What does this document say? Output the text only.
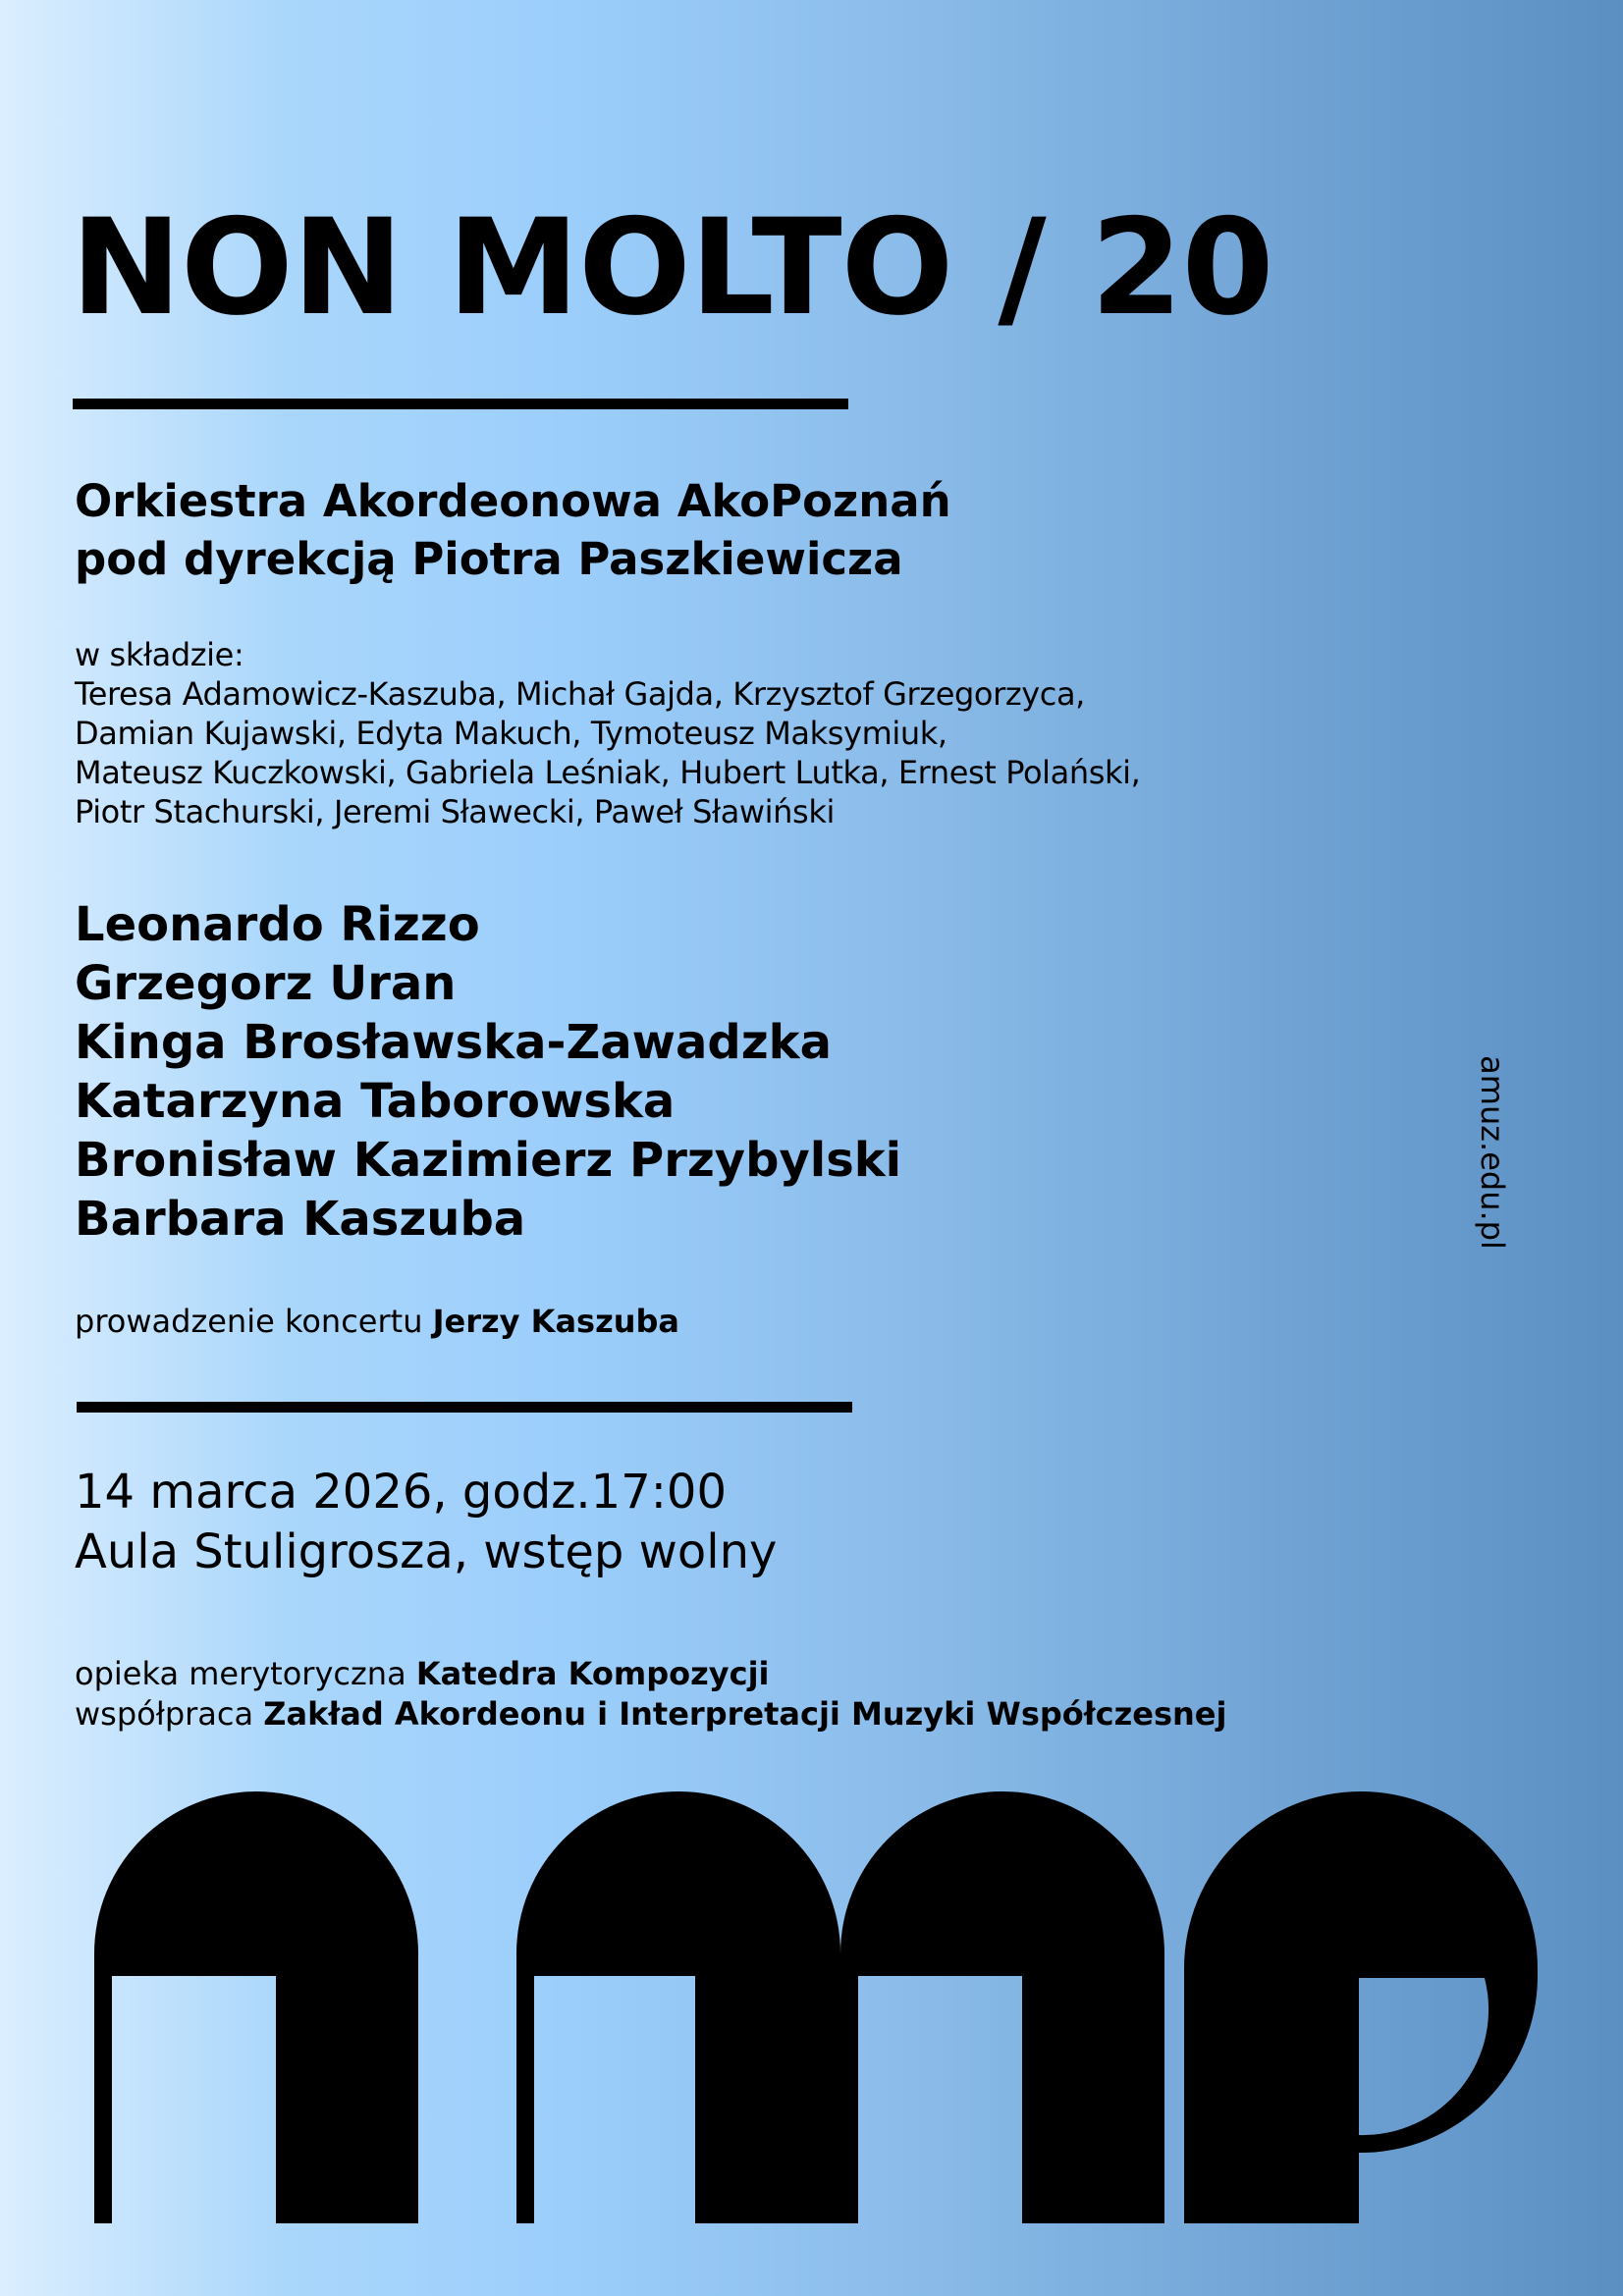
NON MOLTO / 20
Orkiestra Akordeonowa AkoPoznań
pod dyrekcją Piotra Paszkiewicza
w składzie:
Teresa Adamowicz-Kaszuba, Michał Gajda, Krzysztof Grzegorzyca,
Damian Kujawski, Edyta Makuch, Tymoteusz Maksymiuk,
Mateusz Kuczkowski, Gabriela Leśniak, Hubert Lutka, Ernest Polański,
Piotr Stachurski, Jeremi Sławecki, Paweł Sławiński
Leonardo Rizzo
Grzegorz Uran
Kinga Brosławska-Zawadzka
Katarzyna Taborowska
Bronisław Kazimierz Przybylski
Barbara Kaszuba
prowadzenie koncertu Jerzy Kaszuba
14 marca 2026, godz.17:00
Aula Stuligrosza, wstęp wolny
opieka merytoryczna Katedra Kompozycji
współpraca Zakład Akordeonu i Interpretacji Muzyki Współczesnej
amuz.edu.pl
